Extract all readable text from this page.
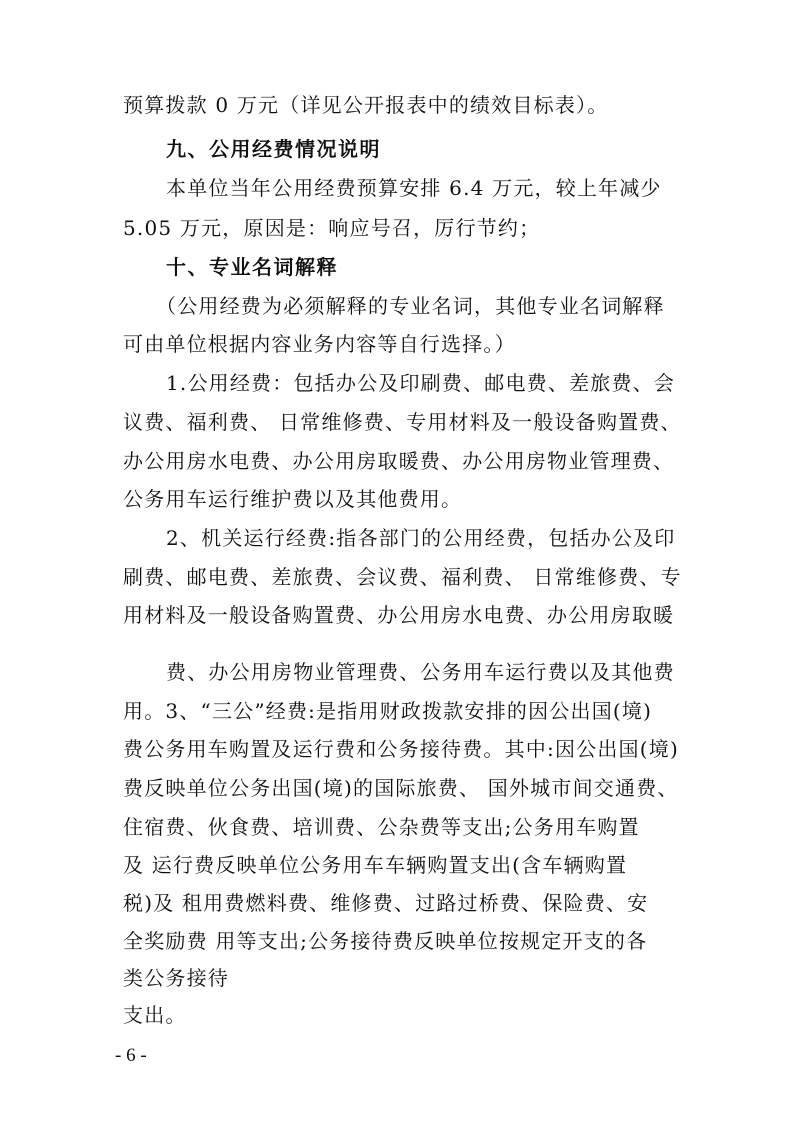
预算拨款 0 万元（详见公开报表中的绩效目标表）。
九、公用经费情况说明
本单位当年公用经费预算安排 6.4 万元，较上年减少
5.05 万元，原因是：响应号召，厉行节约；
十、专业名词解释
（公用经费为必须解释的专业名词，其他专业名词解释
可由单位根据内容业务内容等自行选择。）
1.公用经费：包括办公及印刷费、邮电费、差旅费、会
议费、福利费、 日常维修费、专用材料及一般设备购置费、
办公用房水电费、办公用房取暖费、办公用房物业管理费、
公务用车运行维护费以及其他费用。
2、机关运行经费:指各部门的公用经费，包括办公及印
刷费、邮电费、差旅费、会议费、福利费、 日常维修费、专
用材料及一般设备购置费、办公用房水电费、办公用房取暖
费、办公用房物业管理费、公务用车运行费以及其他费
用。3、“三公”经费:是指用财政拨款安排的因公出国(境)
费公务用车购置及运行费和公务接待费。其中:因公出国(境)
费反映单位公务出国(境)的国际旅费、 国外城市间交通费、
住宿费、伙食费、培训费、公杂费等支出;公务用车购置
及 运行费反映单位公务用车车辆购置支出(含车辆购置
税)及 租用费燃料费、维修费、过路过桥费、保险费、安
全奖励费 用等支出;公务接待费反映单位按规定开支的各
类公务接待
支出。
- 6 -
